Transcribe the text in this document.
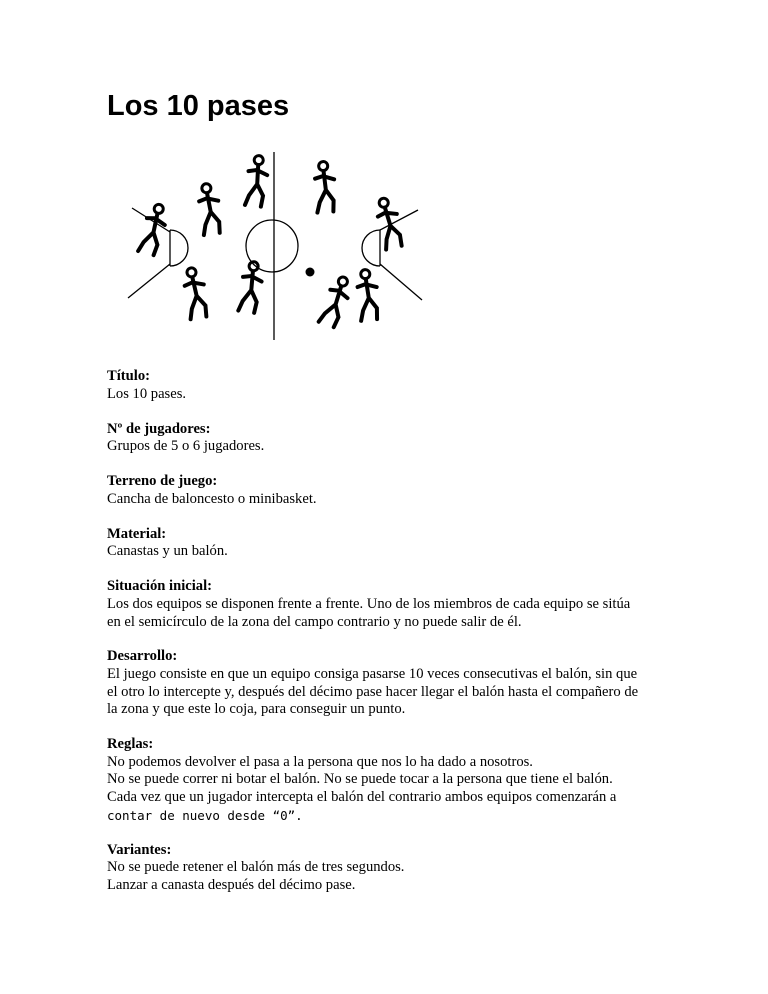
Los 10 pases
Título:
Los 10 pases.
Nº de jugadores:
Grupos de 5 o 6 jugadores.
Terreno de juego:
Cancha de baloncesto o minibasket.
Material:
Canastas y un balón.
Situación inicial:
Los dos equipos se disponen frente a frente. Uno de los miembros de cada equipo se sitúa
en el semicírculo de la zona del campo contrario y no puede salir de él.
Desarrollo:
El juego consiste en que un equipo consiga pasarse 10 veces consecutivas el balón, sin que
el otro lo intercepte y, después del décimo pase hacer llegar el balón hasta el compañero de
la zona y que este lo coja, para conseguir un punto.
Reglas:
No podemos devolver el pasa a la persona que nos lo ha dado a nosotros.
No se puede correr ni botar el balón. No se puede tocar a la persona que tiene el balón.
Cada vez que un jugador intercepta el balón del contrario ambos equipos comenzarán a
contar de nuevo desde “0”.
Variantes:
No se puede retener el balón más de tres segundos.
Lanzar a canasta después del décimo pase.
